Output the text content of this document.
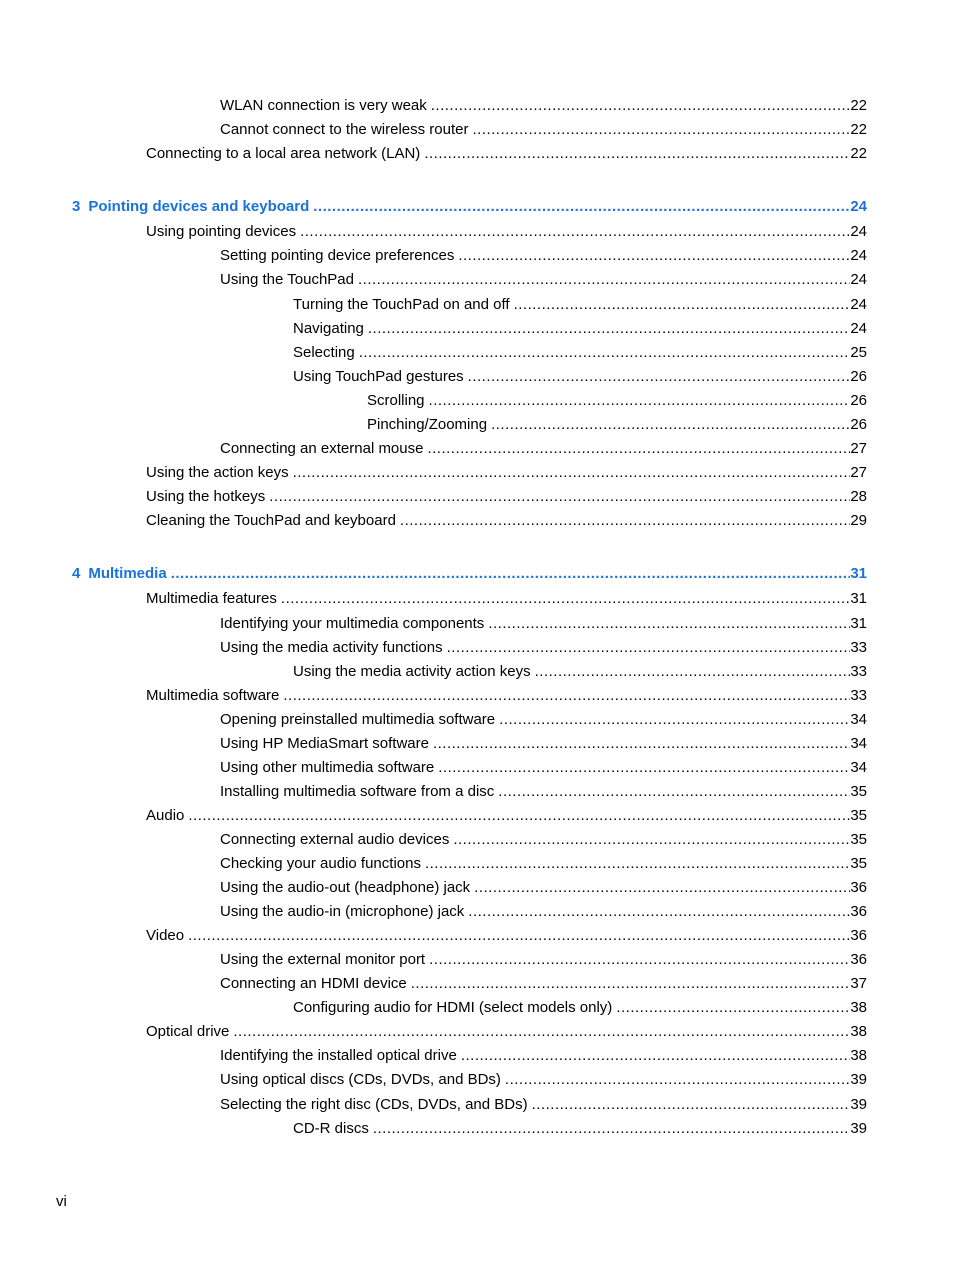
WLAN connection is very weak .....	22
Cannot connect to the wireless router .....	22
Connecting to a local area network (LAN) .....	22
3 Pointing devices and keyboard .....	24
Using pointing devices .....	24
Setting pointing device preferences .....	24
Using the TouchPad .....	24
Turning the TouchPad on and off .....	24
Navigating .....	24
Selecting .....	25
Using TouchPad gestures .....	26
Scrolling .....	26
Pinching/Zooming .....	26
Connecting an external mouse .....	27
Using the action keys .....	27
Using the hotkeys .....	28
Cleaning the TouchPad and keyboard .....	29
4 Multimedia .....	31
Multimedia features .....	31
Identifying your multimedia components .....	31
Using the media activity functions .....	33
Using the media activity action keys .....	33
Multimedia software .....	33
Opening preinstalled multimedia software .....	34
Using HP MediaSmart software .....	34
Using other multimedia software .....	34
Installing multimedia software from a disc .....	35
Audio .....	35
Connecting external audio devices .....	35
Checking your audio functions .....	35
Using the audio-out (headphone) jack .....	36
Using the audio-in (microphone) jack .....	36
Video .....	36
Using the external monitor port .....	36
Connecting an HDMI device .....	37
Configuring audio for HDMI (select models only) .....	38
Optical drive .....	38
Identifying the installed optical drive .....	38
Using optical discs (CDs, DVDs, and BDs) .....	39
Selecting the right disc (CDs, DVDs, and BDs) .....	39
CD-R discs .....	39
vi
